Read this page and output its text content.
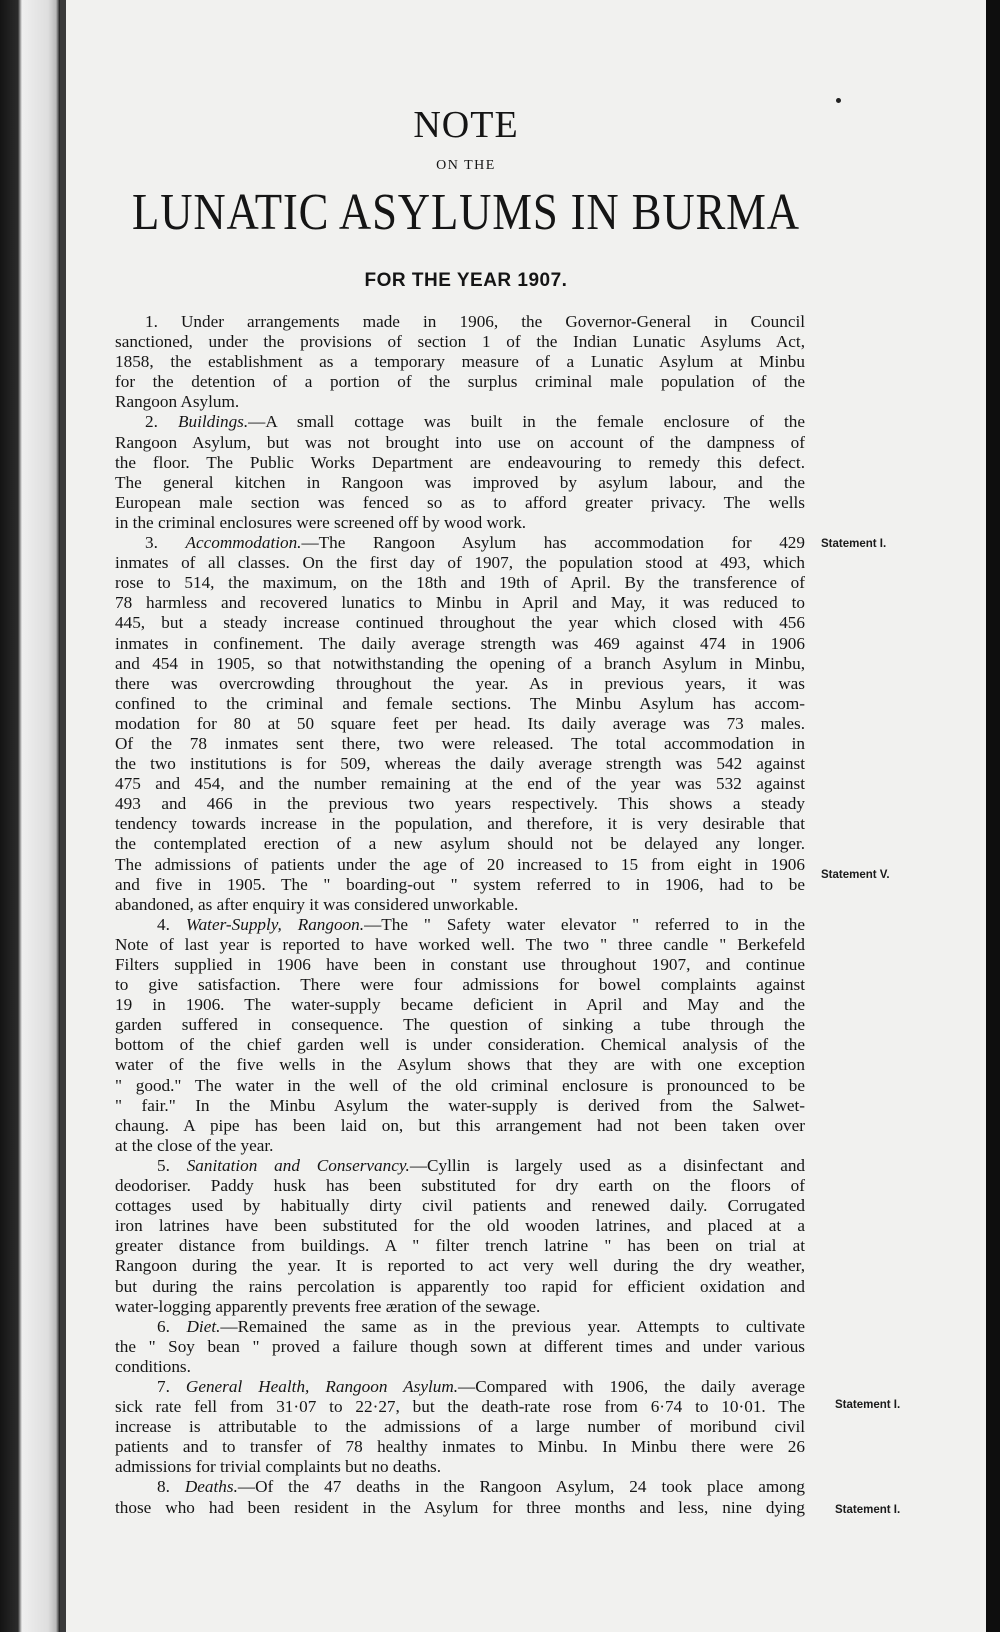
NOTE
ON THE
LUNATIC ASYLUMS IN BURMA
FOR THE YEAR 1907.

1. Under arrangements made in 1906, the Governor-General in Council
sanctioned, under the provisions of section 1 of the Indian Lunatic Asylums Act,
1858, the establishment as a temporary measure of a Lunatic Asylum at Minbu
for the detention of a portion of the surplus criminal male population of the
Rangoon Asylum.

2. Buildings.—A small cottage was built in the female enclosure of the
Rangoon Asylum, but was not brought into use on account of the dampness of
the floor. The Public Works Department are endeavouring to remedy this defect.
The general kitchen in Rangoon was improved by asylum labour, and the
European male section was fenced so as to afford greater privacy. The wells
in the criminal enclosures were screened off by wood work.

3. Accommodation.—The Rangoon Asylum has accommodation for 429
inmates of all classes. On the first day of 1907, the population stood at 493, which
rose to 514, the maximum, on the 18th and 19th of April. By the transference of
78 harmless and recovered lunatics to Minbu in April and May, it was reduced to
445, but a steady increase continued throughout the year which closed with 456
inmates in confinement. The daily average strength was 469 against 474 in 1906
and 454 in 1905, so that notwithstanding the opening of a branch Asylum in Minbu,
there was overcrowding throughout the year. As in previous years, it was
confined to the criminal and female sections. The Minbu Asylum has accom-
modation for 80 at 50 square feet per head. Its daily average was 73 males.
Of the 78 inmates sent there, two were released. The total accommodation in
the two institutions is for 509, whereas the daily average strength was 542 against
475 and 454, and the number remaining at the end of the year was 532 against
493 and 466 in the previous two years respectively. This shows a steady
tendency towards increase in the population, and therefore, it is very desirable that
the contemplated erection of a new asylum should not be delayed any longer.
The admissions of patients under the age of 20 increased to 15 from eight in 1906
and five in 1905. The " boarding-out " system referred to in 1906, had to be
abandoned, as after enquiry it was considered unworkable.

4. Water-Supply, Rangoon.—The " Safety water elevator " referred to in the
Note of last year is reported to have worked well. The two " three candle " Berkefeld
Filters supplied in 1906 have been in constant use throughout 1907, and continue
to give satisfaction. There were four admissions for bowel complaints against
19 in 1906. The water-supply became deficient in April and May and the
garden suffered in consequence. The question of sinking a tube through the
bottom of the chief garden well is under consideration. Chemical analysis of the
water of the five wells in the Asylum shows that they are with one exception
" good." The water in the well of the old criminal enclosure is pronounced to be
" fair." In the Minbu Asylum the water-supply is derived from the Salwet-
chaung. A pipe has been laid on, but this arrangement had not been taken over
at the close of the year.

5. Sanitation and Conservancy.—Cyllin is largely used as a disinfectant and
deodoriser. Paddy husk has been substituted for dry earth on the floors of
cottages used by habitually dirty civil patients and renewed daily. Corrugated
iron latrines have been substituted for the old wooden latrines, and placed at a
greater distance from buildings. A " filter trench latrine " has been on trial at
Rangoon during the year. It is reported to act very well during the dry weather,
but during the rains percolation is apparently too rapid for efficient oxidation and
water-logging apparently prevents free æration of the sewage.

6. Diet.—Remained the same as in the previous year. Attempts to cultivate
the " Soy bean " proved a failure though sown at different times and under various
conditions.

7. General Health, Rangoon Asylum.—Compared with 1906, the daily average
sick rate fell from 31·07 to 22·27, but the death-rate rose from 6·74 to 10·01. The
increase is attributable to the admissions of a large number of moribund civil
patients and to transfer of 78 healthy inmates to Minbu. In Minbu there were 26
admissions for trivial complaints but no deaths.

8. Deaths.—Of the 47 deaths in the Rangoon Asylum, 24 took place among
those who had been resident in the Asylum for three months and less, nine dying

Statement I.
Statement V.
Statement I.
Statement I.
